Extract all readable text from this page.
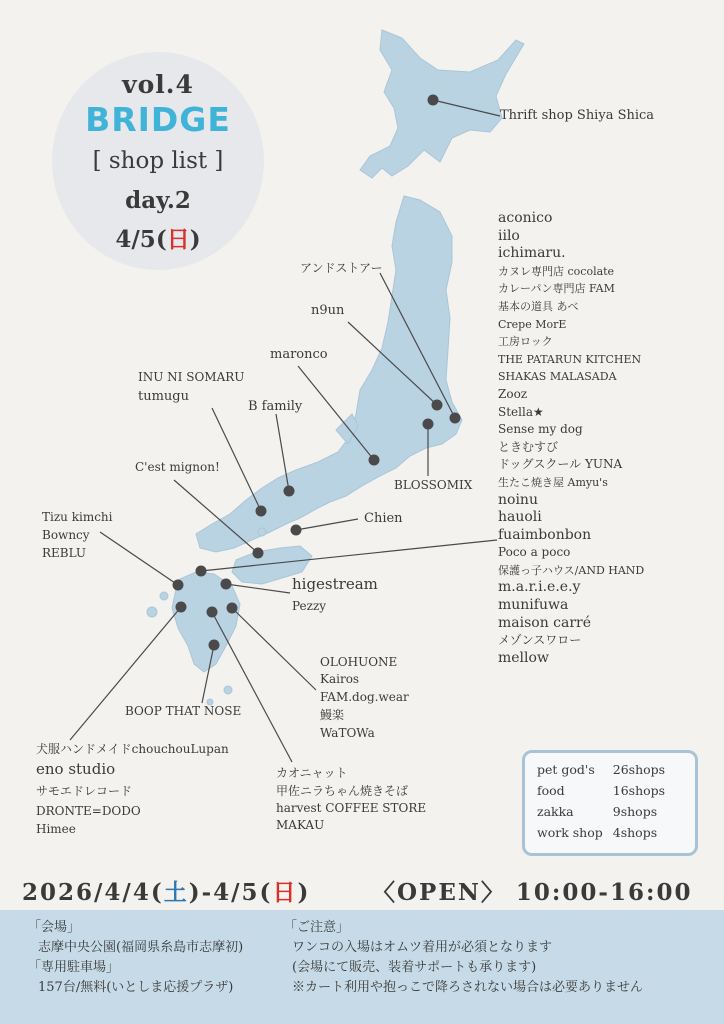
vol.4
BRIDGE
[ shop list ]
day.2
4/5(日)
Thrift shop Shiya Shica
アンドストアー
n9un
maronco
INU NI SOMARU
tumugu
B family
C'est mignon!
BLOSSOMIX
Chien
Tizu kimchi
Bowncy
REBLU
higestream
Pezzy
OLOHUONE
Kairos
FAM.dog.wear
鰻楽
WaTOWa
BOOP THAT NOSE
犬服ハンドメイドchouchouLupan
eno studio
サモエドレコード
DRONTE=DODO
Himee
カオニャット
甲佐ニラちゃん焼きそば
harvest COFFEE STORE
MAKAU
aconico
iilo
ichimaru.
カヌレ専門店 cocolate
カレーパン専門店 FAM
基本の道具 あべ
Crepe MorE
工房ロック
THE PATARUN KITCHEN
SHAKAS MALASADA
Zooz
Stella★
Sense my dog
ときむすび
ドッグスクール YUNA
生たこ焼き屋 Amyu's
noinu
hauoli
fuaimbonbon
Poco a poco
保護っ子ハウス/AND HAND
m.a.r.i.e.e.y
munifuwa
maison carré
メゾンスワロー
mellow
pet god's	26shops
food	16shops
zakka	9shops
work shop	4shops
2026/4/4(土)-4/5(日)	〈OPEN〉 10:00-16:00
「会場」
志摩中央公園(福岡県糸島市志摩初)
「専用駐車場」
157台/無料(いとしま応援プラザ)
「ご注意」
ワンコの入場はオムツ着用が必須となります
(会場にて販売、装着サポートも承ります)
※カート利用や抱っこで降ろされない場合は必要ありません
